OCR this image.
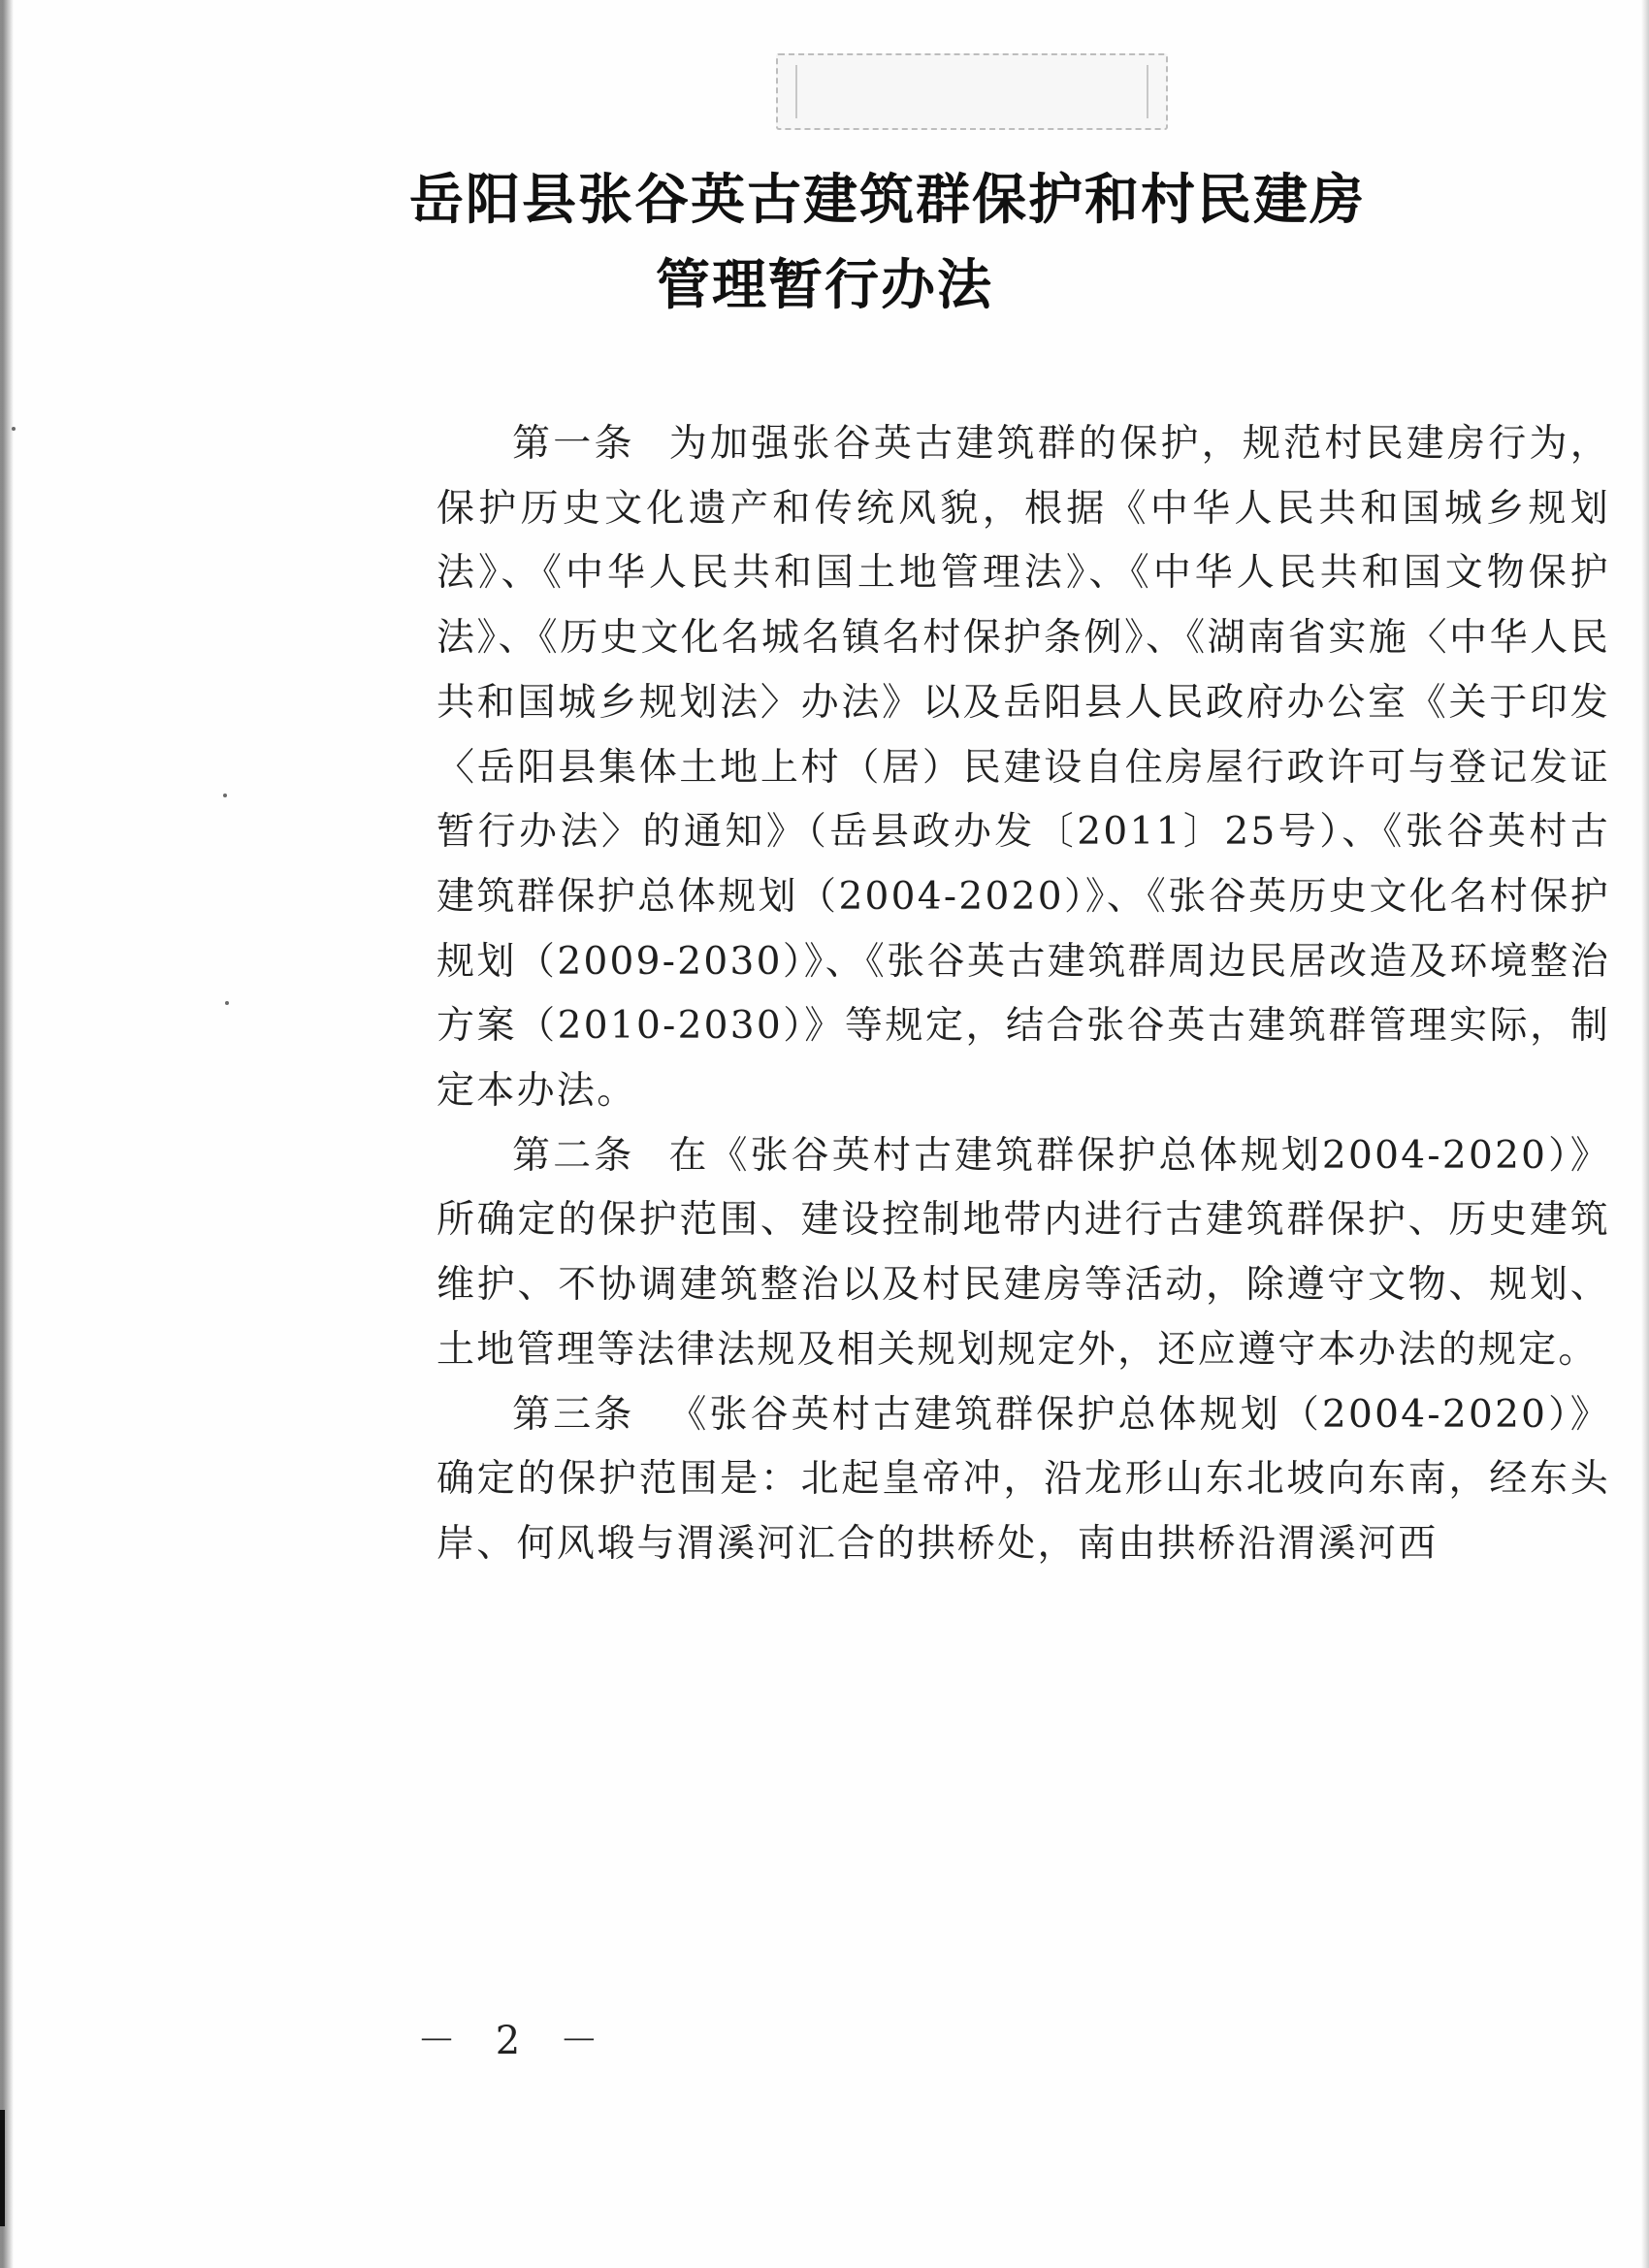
岳阳县张谷英古建筑群保护和村民建房
管理暂行办法

第一条 为加强张谷英古建筑群的保护，规范村民建房行为，保护历史文化遗产和传统风貌，根据《中华人民共和国城乡规划法》、《中华人民共和国土地管理法》、《中华人民共和国文物保护法》、《历史文化名城名镇名村保护条例》、《湖南省实施〈中华人民共和国城乡规划法〉办法》以及岳阳县人民政府办公室《关于印发〈岳阳县集体土地上村（居）民建设自住房屋行政许可与登记发证暂行办法〉的通知》（岳县政办发〔2011〕25号）、《张谷英村古建筑群保护总体规划（2004-2020）》、《张谷英历史文化名村保护规划（2009-2030）》、《张谷英古建筑群周边民居改造及环境整治方案（2010-2030）》等规定，结合张谷英古建筑群管理实际，制定本办法。

第二条 在《张谷英村古建筑群保护总体规划2004-2020）》所确定的保护范围、建设控制地带内进行古建筑群保护、历史建筑维护、不协调建筑整治以及村民建房等活动，除遵守文物、规划、土地管理等法律法规及相关规划规定外，还应遵守本办法的规定。

第三条 《张谷英村古建筑群保护总体规划（2004-2020）》确定的保护范围是：北起皇帝冲，沿龙形山东北坡向东南，经东头岸、何风塅与渭溪河汇合的拱桥处，南由拱桥沿渭溪河西

－ 2 －
